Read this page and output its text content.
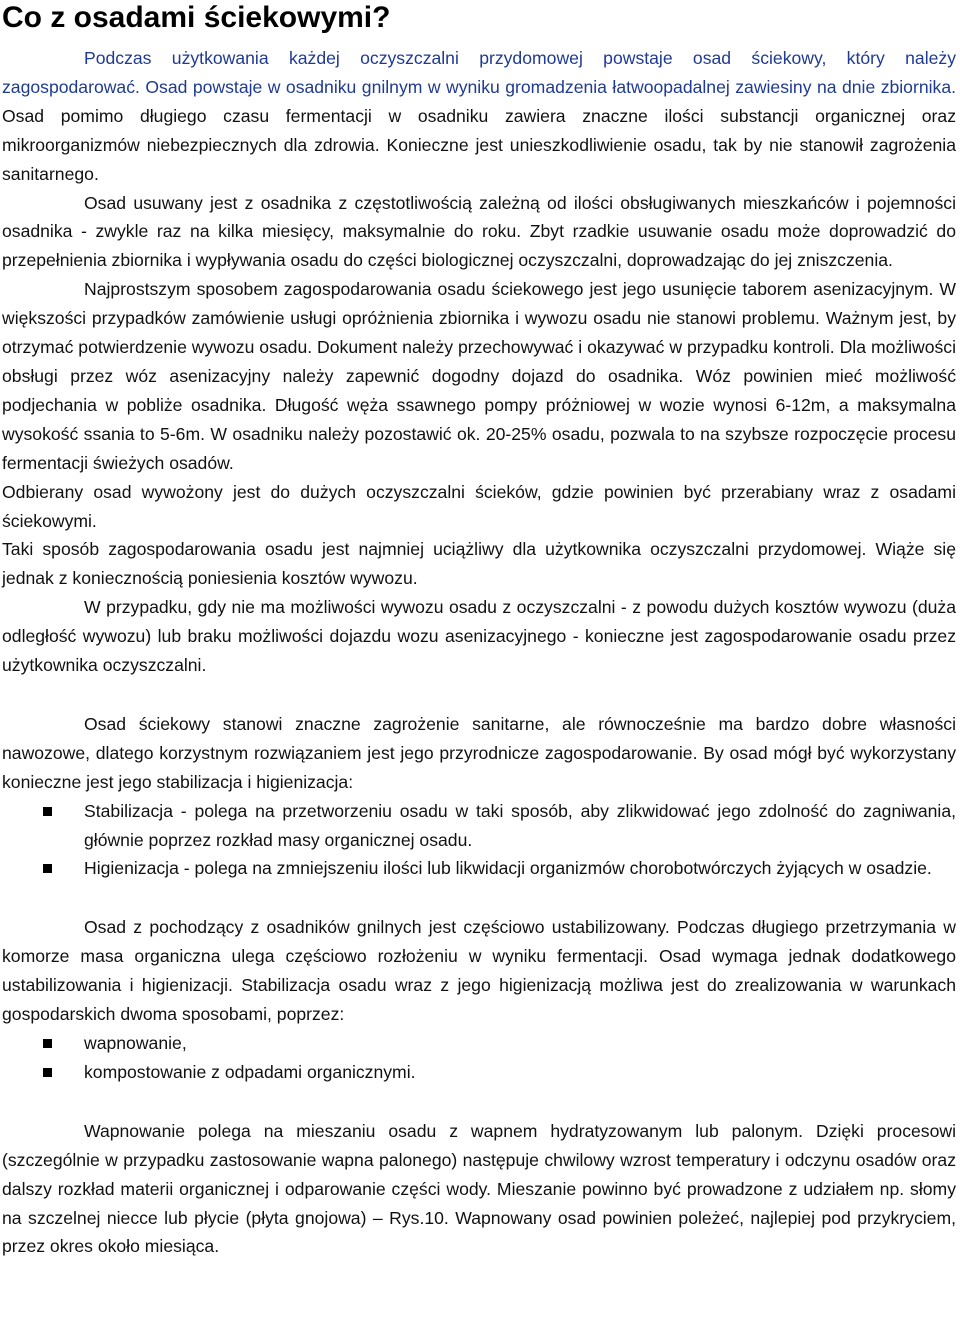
Co z osadami ściekowymi?

Podczas użytkowania każdej oczyszczalni przydomowej powstaje osad ściekowy, który należy zagospodarować. Osad powstaje w osadniku gnilnym w wyniku gromadzenia łatwoopadalnej zawiesiny na dnie zbiornika. Osad pomimo długiego czasu fermentacji w osadniku zawiera znaczne ilości substancji organicznej oraz mikroorganizmów niebezpiecznych dla zdrowia. Konieczne jest unieszkodliwienie osadu, tak by nie stanowił zagrożenia sanitarnego.

Osad usuwany jest z osadnika z częstotliwością zależną od ilości obsługiwanych mieszkańców i pojemności osadnika - zwykle raz na kilka miesięcy, maksymalnie do roku. Zbyt rzadkie usuwanie osadu może doprowadzić do przepełnienia zbiornika i wypływania osadu do części biologicznej oczyszczalni, doprowadzając do jej zniszczenia.

Najprostszym sposobem zagospodarowania osadu ściekowego jest jego usunięcie taborem asenizacyjnym. W większości przypadków zamówienie usługi opróżnienia zbiornika i wywozu osadu nie stanowi problemu. Ważnym jest, by otrzymać potwierdzenie wywozu osadu. Dokument należy przechowywać i okazywać w przypadku kontroli. Dla możliwości obsługi przez wóz asenizacyjny należy zapewnić dogodny dojazd do osadnika. Wóz powinien mieć możliwość podjechania w pobliże osadnika. Długość węża ssawnego pompy próżniowej w wozie wynosi 6-12m, a maksymalna wysokość ssania to 5-6m. W osadniku należy pozostawić ok. 20-25% osadu, pozwala to na szybsze rozpoczęcie procesu fermentacji świeżych osadów.

Odbierany osad wywożony jest do dużych oczyszczalni ścieków, gdzie powinien być przerabiany wraz z osadami ściekowymi.

Taki sposób zagospodarowania osadu jest najmniej uciążliwy dla użytkownika oczyszczalni przydomowej. Wiąże się jednak z koniecznością poniesienia kosztów wywozu.

W przypadku, gdy nie ma możliwości wywozu osadu z oczyszczalni - z powodu dużych kosztów wywozu (duża odległość wywozu) lub braku możliwości dojazdu wozu asenizacyjnego - konieczne jest zagospodarowanie osadu przez użytkownika oczyszczalni.

Osad ściekowy stanowi znaczne zagrożenie sanitarne, ale równocześnie ma bardzo dobre własności nawozowe, dlatego korzystnym rozwiązaniem jest jego przyrodnicze zagospodarowanie. By osad mógł być wykorzystany konieczne jest jego stabilizacja i higienizacja:

Stabilizacja - polega na przetworzeniu osadu w taki sposób, aby zlikwidować jego zdolność do zagniwania, głównie poprzez rozkład masy organicznej osadu.
Higienizacja - polega na zmniejszeniu ilości lub likwidacji organizmów chorobotwórczych żyjących w osadzie.

Osad z pochodzący z osadników gnilnych jest częściowo ustabilizowany. Podczas długiego przetrzymania w komorze masa organiczna ulega częściowo rozłożeniu w wyniku fermentacji. Osad wymaga jednak dodatkowego ustabilizowania i higienizacji. Stabilizacja osadu wraz z jego higienizacją możliwa jest do zrealizowania w warunkach gospodarskich dwoma sposobami, poprzez:

wapnowanie,
kompostowanie z odpadami organicznymi.

Wapnowanie polega na mieszaniu osadu z wapnem hydratyzowanym lub palonym. Dzięki procesowi (szczególnie w przypadku zastosowanie wapna palonego) następuje chwilowy wzrost temperatury i odczynu osadów oraz dalszy rozkład materii organicznej i odparowanie części wody. Mieszanie powinno być prowadzone z udziałem np. słomy na szczelnej niecce lub płycie (płyta gnojowa) – Rys.10. Wapnowany osad powinien poleżeć, najlepiej pod przykryciem, przez okres około miesiąca.
